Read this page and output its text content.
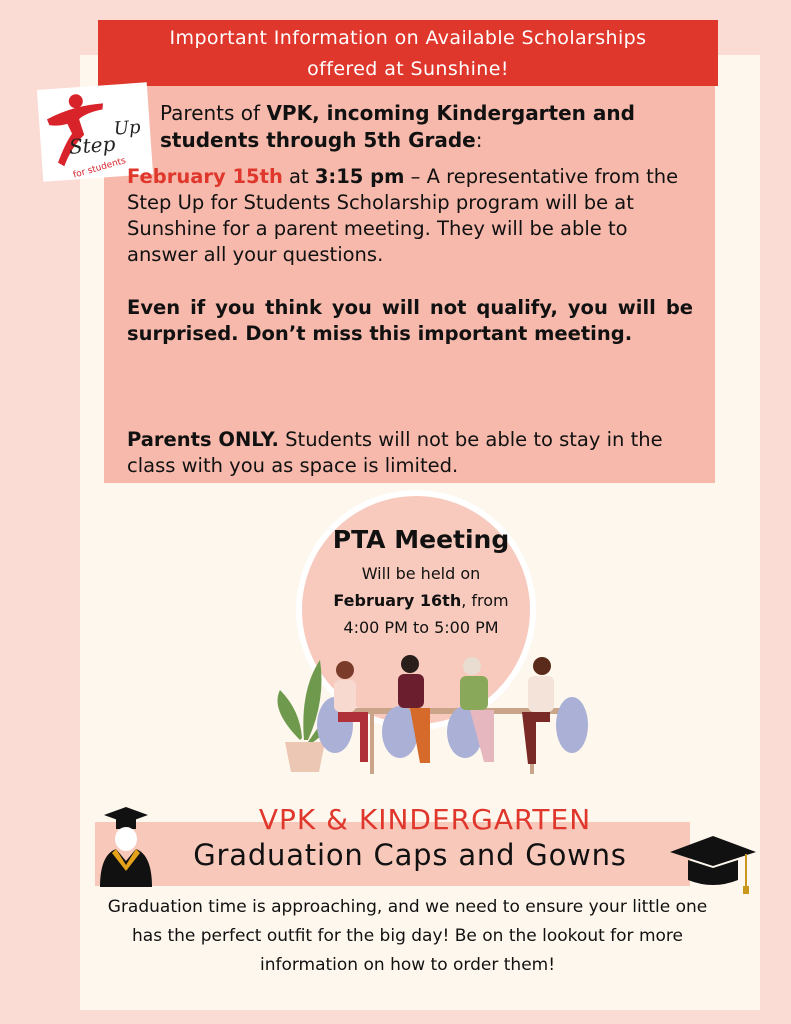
Important Information on Available Scholarships
offered at Sunshine!
Step
Up
for students
Parents of VPK, incoming Kindergarten and students through 5th Grade:
February 15th at 3:15 pm – A representative from the Step Up for Students Scholarship program will be at Sunshine for a parent meeting. They will be able to answer all your questions.
Even if you think you will not qualify, you will be surprised. Don’t miss this important meeting.
Parents ONLY. Students will not be able to stay in the class with you as space is limited.
PTA Meeting
Will be held on
February 16th, from
4:00 PM to 5:00 PM
VPK & KINDERGARTEN
Graduation Caps and Gowns
Graduation time is approaching, and we need to ensure your little one has the perfect outfit for the big day! Be on the lookout for more information on how to order them!
